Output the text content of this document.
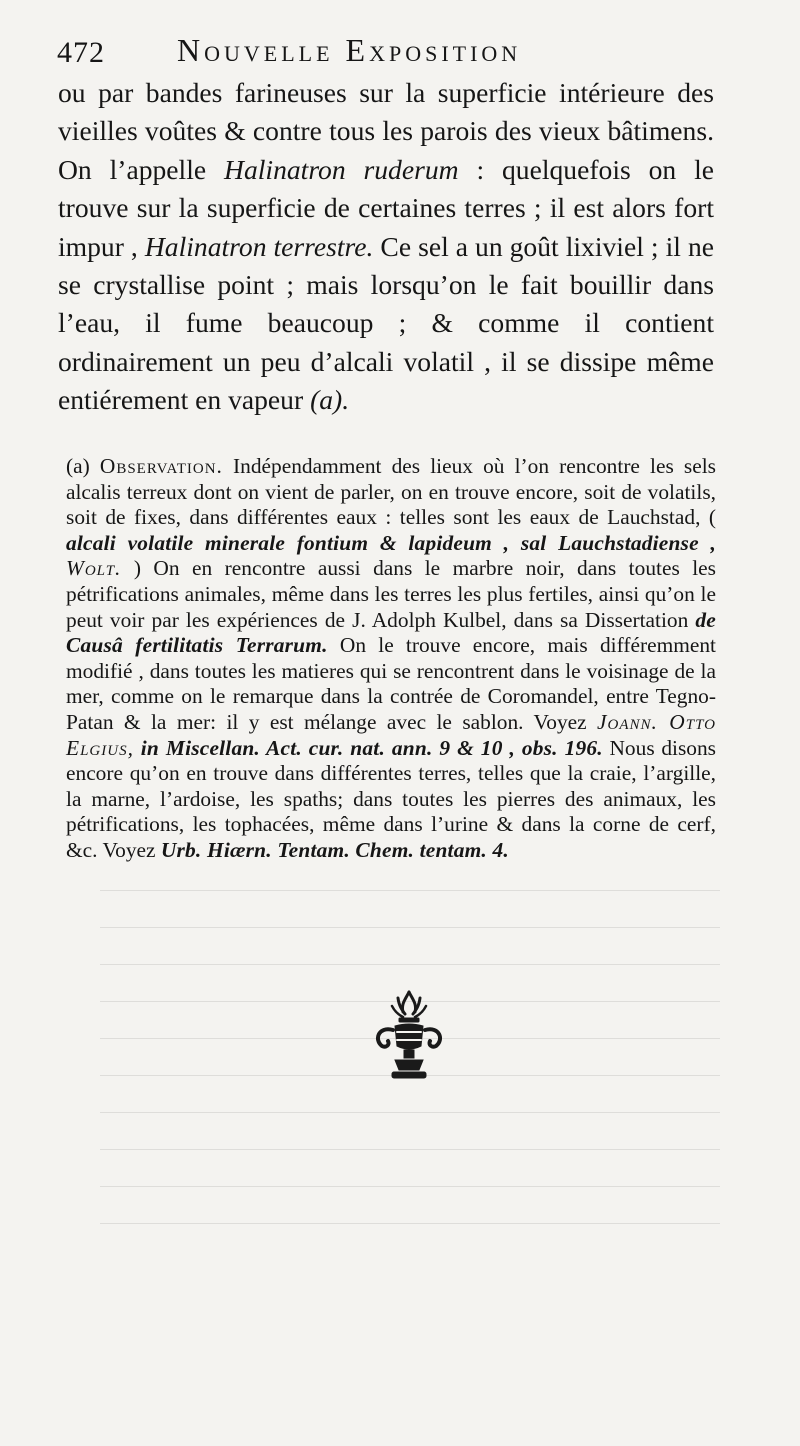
472 Nouvelle Exposition

ou par bandes farineuses sur la superficie intérieure des vieilles voûtes & contre tous les parois des vieux bâtimens. On l’appelle Halinatron ruderum : quelquefois on le trouve sur la superficie de certaines terres ; il est alors fort impur , Halinatron terrestre. Ce sel a un goût lixiviel ; il ne se crystallise point ; mais lorsqu’on le fait bouillir dans l’eau, il fume beaucoup ; & comme il contient ordinairement un peu d’alcali volatil , il se dissipe même entiérement en vapeur (a).

(a) Observation. Indépendamment des lieux où l’on rencontre les sels alcalis terreux dont on vient de parler, on en trouve encore, soit de volatils, soit de fixes, dans différentes eaux : telles sont les eaux de Lauchstad, ( alcali volatile minerale fontium & lapideum , sal Lauchstadiense , Wolt. ) On en rencontre aussi dans le marbre noir, dans toutes les pétrifications animales, même dans les terres les plus fertiles, ainsi qu’on le peut voir par les expériences de J. Adolph Kulbel, dans sa Dissertation de Causâ fertilitatis Terrarum. On le trouve encore, mais différemment modifié , dans toutes les matieres qui se rencontrent dans le voisinage de la mer, comme on le remarque dans la contrée de Coromandel, entre Tegno-Patan & la mer: il y est mélange avec le sablon. Voyez Joann. Otto Elgius, in Miscellan. Act. cur. nat. ann. 9 & 10 , obs. 196. Nous disons encore qu’on en trouve dans différentes terres, telles que la craie, l’argille, la marne, l’ardoise, les spaths; dans toutes les pierres des animaux, les pétrifications, les tophacées, même dans l’urine & dans la corne de cerf, &c. Voyez Urb. Hiærn. Tentam. Chem. tentam. 4.
